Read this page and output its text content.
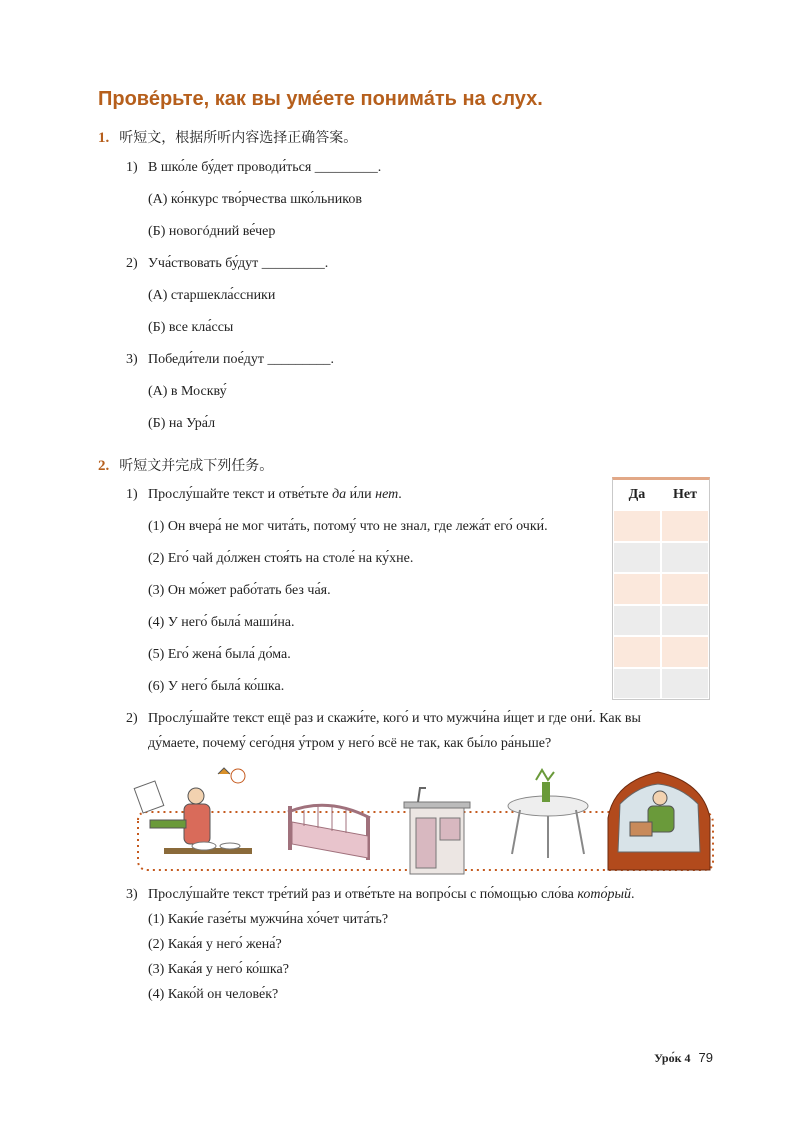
Прове́рьте, как вы уме́ете понима́ть на слух.
1. 听短文，根据所听内容选择正确答案。
1) В шко́ле бу́дет проводи́ться _________.
(А) ко́нкурс тво́рчества шко́льников
(Б) новогóдний ве́чер
2) Уча́ствовать бу́дут _________.
(А) старшекла́ссники
(Б) все кла́ссы
3) Победи́тели пое́дут _________.
(А) в Москву́
(Б) на Ура́л
2. 听短文并完成下列任务。
1) Прослу́шайте текст и отве́тьте да и́ли нет.
(1) Он вчера́ не мог чита́ть, потому́ что не знал, где лежа́т его́ очки́.
(2) Его́ чай до́лжен стоя́ть на столе́ на ку́хне.
(3) Он мо́жет рабо́тать без ча́я.
(4) У него́ была́ маши́на.
(5) Его́ жена́ была́ до́ма.
(6) У него́ была́ ко́шка.
Да	Нет
2) Прослу́шайте текст ещё раз и скажи́те, кого́ и что мужчи́на и́щет и где они́. Как вы
ду́маете, почему́ сего́дня у́тром у него́ всё не так, как бы́ло ра́ньше?
3) Прослу́шайте текст тре́тий раз и отве́тьте на вопро́сы с по́мощью сло́ва кото́рый.
(1) Каки́е газе́ты мужчи́на хо́чет чита́ть?
(2) Кака́я у него́ жена́?
(3) Кака́я у него́ ко́шка?
(4) Како́й он челове́к?
Уро́к 4 79
